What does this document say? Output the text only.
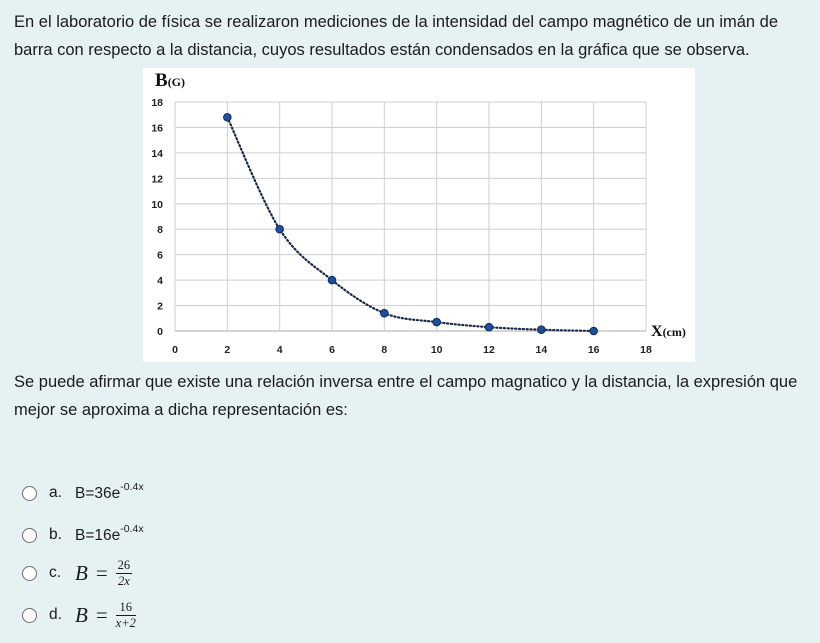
En el laboratorio de física se realizaron mediciones de la intensidad del campo magnético de un imán de barra con respecto a la distancia, cuyos resultados están condensados en la gráfica que se observa.
0
2
4
6
8
10
12
14
16
18
0	2	4	6	8	10	12	14	16	18
B(G)
X(cm)
Se puede afirmar que existe una relación inversa entre el campo magnatico y la distancia, la expresión que mejor se aproxima a dicha representación es:
a. $B=36e^{-0.4x}$
b. $B=16e^{-0.4x}$
c. $B = \frac{26}{2x}$
d. $B = \frac{16}{x+2}$
